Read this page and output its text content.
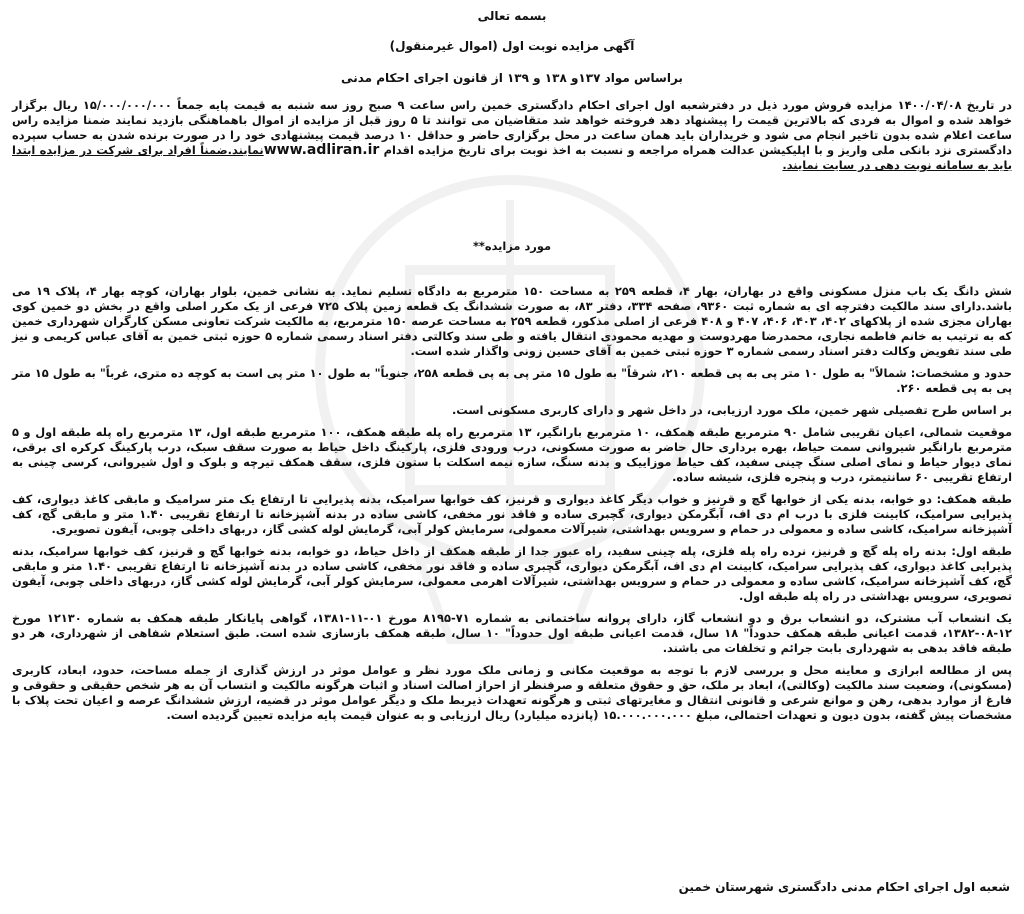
بسمه تعالی
آگهی مزایده نوبت اول (اموال غیرمنقول)
براساس مواد ۱۳۷و ۱۳۸ و ۱۳۹ از قانون اجرای احکام مدنی

در تاریخ ۱۴۰۰/۰۴/۰۸ مزایده فروش مورد ذیل در دفترشعبه اول اجرای احکام دادگستری خمین راس ساعت ۹ صبح روز سه شنبه به قیمت پایه جمعاً ۱۵/۰۰۰/۰۰۰/۰۰۰ ریال برگزار خواهد شده و اموال به فردی که بالاترین قیمت را پیشنهاد دهد فروخته خواهد شد متقاضیان می توانند تا ۵ روز قبل از مزایده از اموال باهماهنگی بازدید نمایند ضمنا مزایده راس ساعت اعلام شده بدون تاخیر انجام می شود و خریداران باید همان ساعت در محل برگزاری حاضر و حداقل ۱۰ درصد قیمت پیشنهادی خود را در صورت برنده شدن به حساب سپرده دادگستری نزد بانکی ملی واریز و با اپلیکیشن عدالت همراه مراجعه و نسبت به اخذ نوبت برای تاریخ مزایده اقدام www.adliran.irنمایند.ضمناً افراد برای شرکت در مزایده ابتدا باید به سامانه نوبت دهی در سایت نمایند.

مورد مزایده**

شش دانگ یک باب منزل مسکونی واقع در بهاران، بهار ۴، قطعه ۲۵۹ به مساحت ۱۵۰ مترمربع به دادگاه تسلیم نماید. به نشانی خمین، بلوار بهاران، کوچه بهار ۴، پلاک ۱۹ می باشد.دارای سند مالکیت دفترچه ای به شماره ثبت ۹۳۶۰، صفحه ۳۳۴، دفتر ۸۳، به صورت ششدانگ یک قطعه زمین پلاک ۷۲۵ فرعی از یک مکرر اصلی واقع در بخش دو خمین کوی بهاران مجزی شده از پلاکهای ۴۰۲، ۴۰۳، ۴۰۶، ۴۰۷ و ۴۰۸ فرعی از اصلی مذکور، قطعه ۲۵۹ به مساحت عرصه ۱۵۰ مترمربع، به مالکیت شرکت تعاونی مسکن کارگران شهرداری خمین که به ترتیب به خانم فاطمه نجاری، محمدرضا مهردوست و مهدیه محمودی انتقال یافته و طی سند وکالتی دفتر اسناد رسمی شماره ۵ حوزه ثبتی خمین به آقای عباس کریمی و نیز طی سند تفویض وکالت دفتر اسناد رسمی شماره ۳ حوزه ثبتی خمین به آقای حسین زونی واگذار شده است.

حدود و مشخصات: شمالاً" به طول ۱۰ متر پی به پی قطعه ۲۱۰، شرقاً" به طول ۱۵ متر پی به پی قطعه ۲۵۸، جنوباً" به طول ۱۰ متر پی است به کوچه ده متری، غرباً" به طول ۱۵ متر پی به پی قطعه ۲۶۰.

بر اساس طرح تفصیلی شهر خمین، ملک مورد ارزیابی، در داخل شهر و دارای کاربری مسکونی است.

موقعیت شمالی، اعیان تقریبی شامل ۹۰ مترمربع طبقه همکف، ۱۰ مترمربع بارانگیر، ۱۳ مترمربع راه پله طبقه همکف، ۱۰۰ مترمربع طبقه اول، ۱۳ مترمربع راه پله طبقه اول و ۵ مترمربع بارانگیر شیروانی سمت حیاط، بهره برداری حال حاضر به صورت مسکونی، درب ورودی فلزی، پارکینگ داخل حیاط به صورت سقف سبک، درب پارکینگ کرکره ای برقی، نمای دیوار حیاط و نمای اصلی سنگ چینی سفید، کف حیاط موزاییک و بدنه سنگ، سازه نیمه اسکلت با ستون فلزی، سقف همکف تیرچه و بلوک و اول شیروانی، کرسی چینی به ارتفاع تقریبی ۶۰ سانتیمتر، درب و پنجره فلزی، شیشه ساده.

طبقه همکف: دو خوابه، بدنه یکی از خوابها گچ و قرنیز و خواب دیگر کاغذ دیواری و قرنیز، کف خوابها سرامیک، بدنه پذیرایی تا ارتفاع یک متر سرامیک و مابقی کاغذ دیواری، کف پذیرایی سرامیک، کابینت فلزی با درب ام دی اف، آبگرمکن دیواری، گچبری ساده و فاقد نور مخفی، کاشی ساده در بدنه آشپزخانه تا ارتفاع تقریبی ۱.۴۰ متر و مابقی گچ، کف آشپزخانه سرامیک، کاشی ساده و معمولی در حمام و سرویس بهداشتی، شیرآلات معمولی، سرمایش کولر آبی، گرمایش لوله کشی گاز، دربهای داخلی چوبی، آیفون تصویری.

طبقه اول: بدنه راه پله گچ و قرنیز، نرده راه پله فلزی، پله چینی سفید، راه عبور جدا از طبقه همکف از داخل حیاط، دو خوابه، بدنه خوابها گچ و قرنیز، کف خوابها سرامیک، بدنه پذیرایی کاغذ دیواری، کف پذیرایی سرامیک، کابینت ام دی اف، آبگرمکن دیواری، گچبری ساده و فاقد نور مخفی، کاشی ساده در بدنه آشپزخانه تا ارتفاع تقریبی ۱.۴۰ متر و مابقی گچ، کف آشپزخانه سرامیک، کاشی ساده و معمولی در حمام و سرویس بهداشتی، شیرآلات اهرمی معمولی، سرمایش کولر آبی، گرمایش لوله کشی گاز، دربهای داخلی چوبی، آیفون تصویری، سرویس بهداشتی در راه پله طبقه اول.

یک انشعاب آب مشترک، دو انشعاب برق و دو انشعاب گاز، دارای پروانه ساختمانی به شماره ۷۱-۸۱۹۵ مورخ ۰۱-۱۱-۱۳۸۱، گواهی پایانکار طبقه همکف به شماره ۱۲۱۳۰ مورخ ۱۲-۰۸-۱۳۸۲، قدمت اعیانی طبقه همکف حدوداً" ۱۸ سال، قدمت اعیانی طبقه اول حدوداً" ۱۰ سال، طبقه همکف بازسازی شده است. طبق استعلام شفاهی از شهرداری، هر دو طبقه فاقد بدهی به شهرداری بابت جرائم و تخلفات می باشند.

پس از مطالعه ابرازی و معاینه محل و بررسی لازم با توجه به موقعیت مکانی و زمانی ملک مورد نظر و عوامل موثر در ارزش گذاری از جمله مساحت، حدود، ابعاد، کاربری (مسکونی)، وضعیت سند مالکیت (وکالتی)، ابعاد بر ملک، حق و حقوق متعلقه و صرفنظر از احراز اصالت اسناد و اثبات هرگونه مالکیت و انتساب آن به هر شخص حقیقی و حقوقی و فارغ از موارد بدهی، رهن و موانع شرعی و قانونی انتقال و مغایرتهای ثبتی و هرگونه تعهدات ذیربط ملک و دیگر عوامل موثر در قضیه، ارزش ششدانگ عرصه و اعیان تحت پلاک با مشخصات پیش گفته، بدون دیون و تعهدات احتمالی، مبلغ ۱۵.۰۰۰.۰۰۰.۰۰۰ (پانزده میلیارد) ریال ارزیابی و به عنوان قیمت پایه مزایده تعیین گردیده است.

شعبه اول اجرای احکام مدنی دادگستری شهرستان خمین
